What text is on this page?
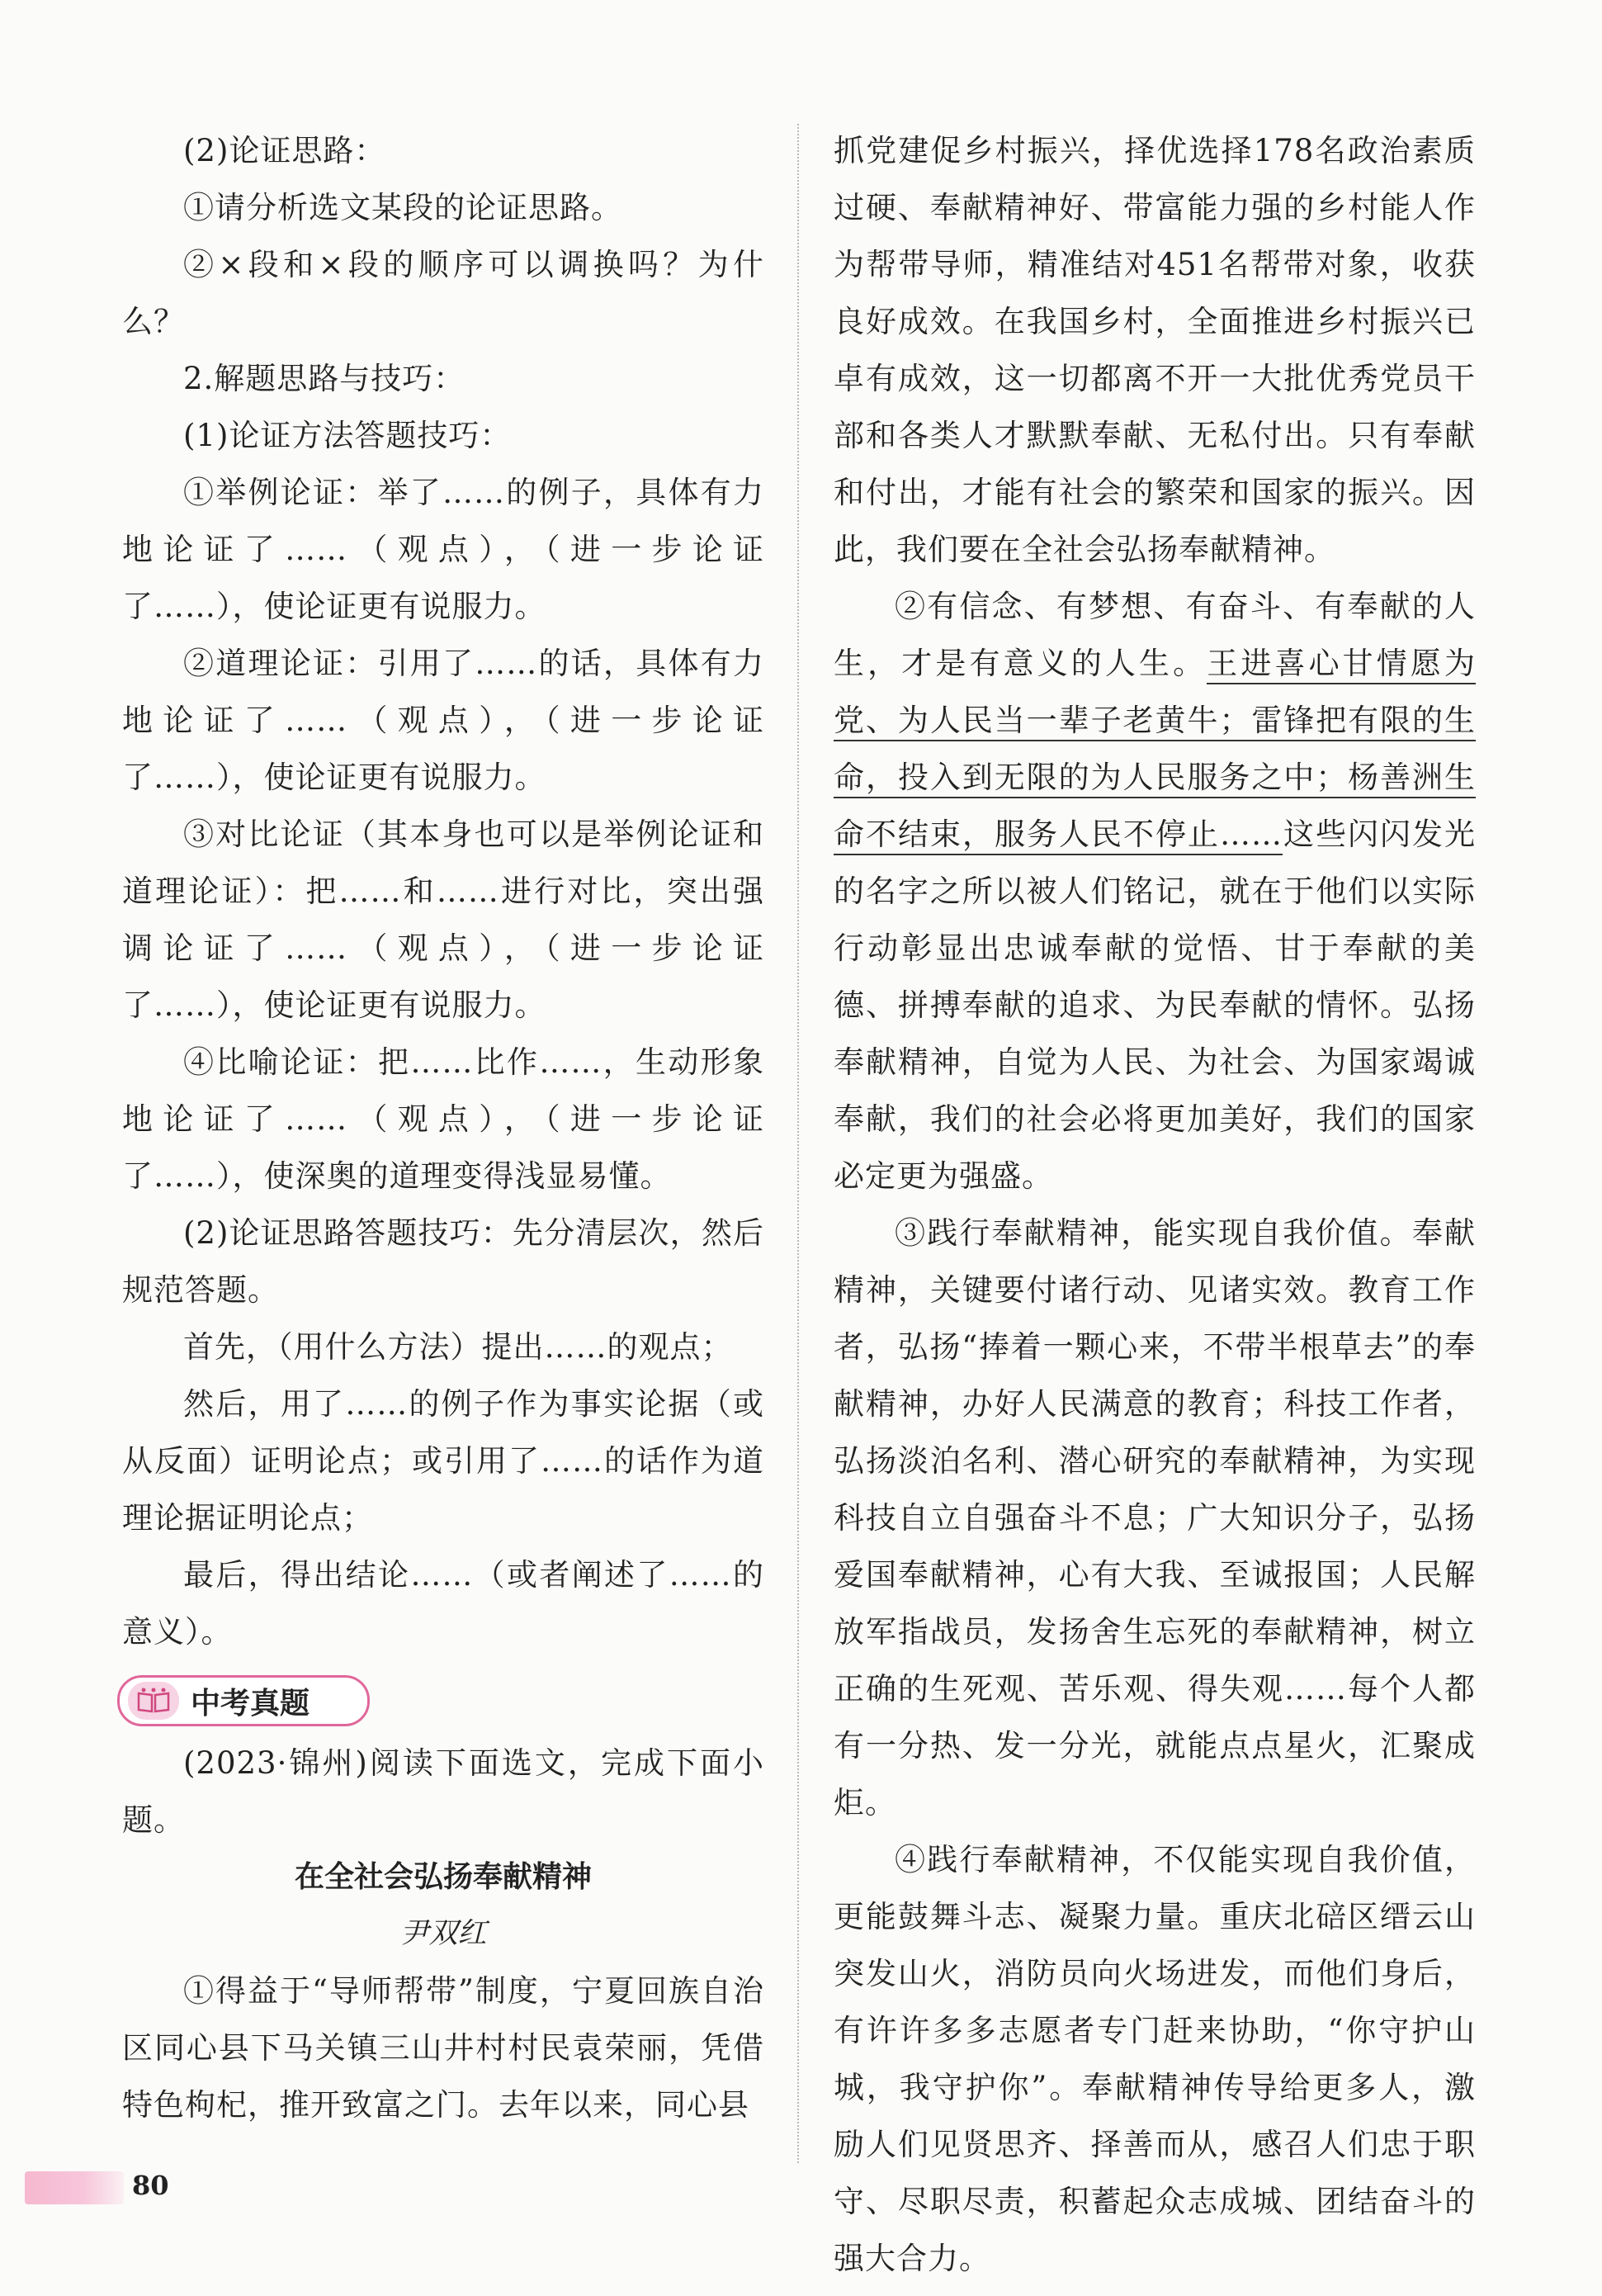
(2)论证思路：

①请分析选文某段的论证思路。

②×段和×段的顺序可以调换吗？为什么？

2.解题思路与技巧：

(1)论证方法答题技巧：

①举例论证：举了……的例子，具体有力地论证了……（观点），（进一步论证了……），使论证更有说服力。

②道理论证：引用了……的话，具体有力地论证了……（观点），（进一步论证了……），使论证更有说服力。

③对比论证（其本身也可以是举例论证和道理论证）：把……和……进行对比，突出强调论证了……（观点），（进一步论证了……），使论证更有说服力。

④比喻论证：把……比作……，生动形象地论证了……（观点），（进一步论证了……），使深奥的道理变得浅显易懂。

(2)论证思路答题技巧：先分清层次，然后规范答题。

首先，（用什么方法）提出……的观点；

然后，用了……的例子作为事实论据（或从反面）证明论点；或引用了……的话作为道理论据证明论点；

最后，得出结论……（或者阐述了……的意义）。

中考真题

(2023·锦州)阅读下面选文，完成下面小题。

在全社会弘扬奉献精神

尹双红

①得益于“导师帮带”制度，宁夏回族自治区同心县下马关镇三山井村村民袁荣丽，凭借特色枸杞，推开致富之门。去年以来，同心县

抓党建促乡村振兴，择优选择178名政治素质过硬、奉献精神好、带富能力强的乡村能人作为帮带导师，精准结对451名帮带对象，收获良好成效。在我国乡村，全面推进乡村振兴已卓有成效，这一切都离不开一大批优秀党员干部和各类人才默默奉献、无私付出。只有奉献和付出，才能有社会的繁荣和国家的振兴。因此，我们要在全社会弘扬奉献精神。

②有信念、有梦想、有奋斗、有奉献的人生，才是有意义的人生。王进喜心甘情愿为党、为人民当一辈子老黄牛；雷锋把有限的生命，投入到无限的为人民服务之中；杨善洲生命不结束，服务人民不停止……这些闪闪发光的名字之所以被人们铭记，就在于他们以实际行动彰显出忠诚奉献的觉悟、甘于奉献的美德、拼搏奉献的追求、为民奉献的情怀。弘扬奉献精神，自觉为人民、为社会、为国家竭诚奉献，我们的社会必将更加美好，我们的国家必定更为强盛。

③践行奉献精神，能实现自我价值。奉献精神，关键要付诸行动、见诸实效。教育工作者，弘扬“捧着一颗心来，不带半根草去”的奉献精神，办好人民满意的教育；科技工作者，弘扬淡泊名利、潜心研究的奉献精神，为实现科技自立自强奋斗不息；广大知识分子，弘扬爱国奉献精神，心有大我、至诚报国；人民解放军指战员，发扬舍生忘死的奉献精神，树立正确的生死观、苦乐观、得失观……每个人都有一分热、发一分光，就能点点星火，汇聚成炬。

④践行奉献精神，不仅能实现自我价值，更能鼓舞斗志、凝聚力量。重庆北碚区缙云山突发山火，消防员向火场进发，而他们身后，有许许多多志愿者专门赶来协助，“你守护山城，我守护你”。奉献精神传导给更多人，激励人们见贤思齐、择善而从，感召人们忠于职守、尽职尽责，积蓄起众志成城、团结奋斗的强大合力。

80
